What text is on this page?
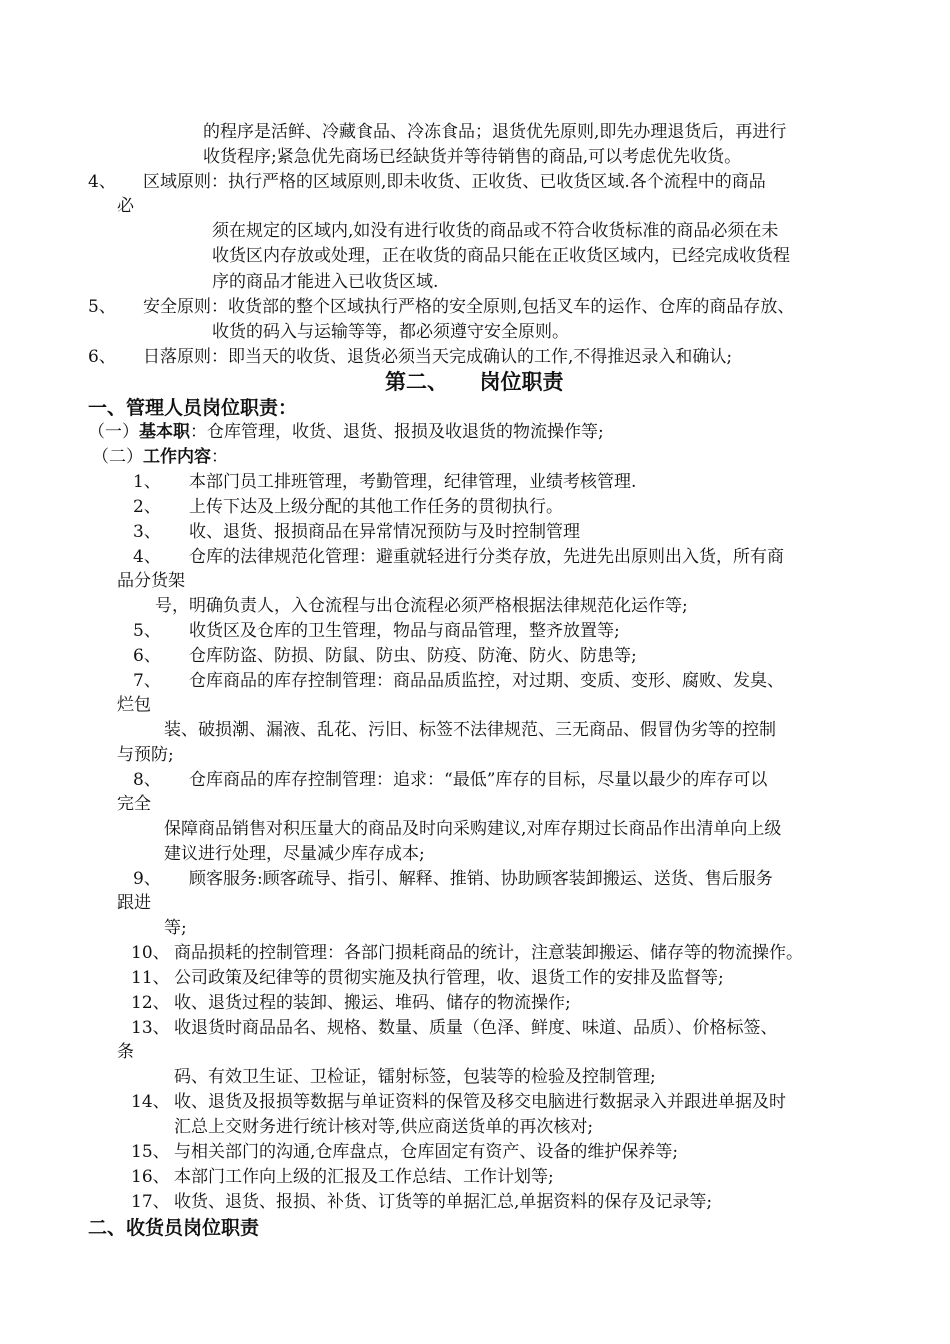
的程序是活鲜、冷藏食品、冷冻食品；退货优先原则,即先办理退货后，再进行
收货程序;紧急优先商场已经缺货并等待销售的商品,可以考虑优先收货。
4、 区域原则：执行严格的区域原则,即未收货、正收货、已收货区域.各个流程中的商品
必
须在规定的区域内,如没有进行收货的商品或不符合收货标准的商品必须在未
收货区内存放或处理，正在收货的商品只能在正收货区域内，已经完成收货程
序的商品才能进入已收货区域.
5、 安全原则：收货部的整个区域执行严格的安全原则,包括叉车的运作、仓库的商品存放、
收货的码入与运输等等，都必须遵守安全原则。
6、 日落原则：即当天的收货、退货必须当天完成确认的工作,不得推迟录入和确认;
第二、　　岗位职责
一、管理人员岗位职责：
（一）基本职：仓库管理，收货、退货、报损及收退货的物流操作等;
（二）工作内容：
1、 本部门员工排班管理，考勤管理，纪律管理，业绩考核管理.
2、 上传下达及上级分配的其他工作任务的贯彻执行。
3、 收、退货、报损商品在异常情况预防与及时控制管理
4、 仓库的法律规范化管理：避重就轻进行分类存放，先进先出原则出入货，所有商
品分货架
号，明确负责人，入仓流程与出仓流程必须严格根据法律规范化运作等;
5、 收货区及仓库的卫生管理，物品与商品管理，整齐放置等;
6、 仓库防盗、防损、防鼠、防虫、防疫、防淹、防火、防患等;
7、 仓库商品的库存控制管理：商品品质监控，对过期、变质、变形、腐败、发臭、
烂包
装、破损潮、漏液、乱花、污旧、标签不法律规范、三无商品、假冒伪劣等的控制
与预防;
8、 仓库商品的库存控制管理：追求：“最低”库存的目标，尽量以最少的库存可以
完全
保障商品销售对积压量大的商品及时向采购建议,对库存期过长商品作出清单向上级
建议进行处理，尽量减少库存成本;
9、 顾客服务:顾客疏导、指引、解释、推销、协助顾客装卸搬运、送货、售后服务
跟进
等;
10、 商品损耗的控制管理：各部门损耗商品的统计，注意装卸搬运、储存等的物流操作。
11、 公司政策及纪律等的贯彻实施及执行管理，收、退货工作的安排及监督等;
12、 收、退货过程的装卸、搬运、堆码、储存的物流操作;
13、 收退货时商品品名、规格、数量、质量（色泽、鲜度、味道、品质）、价格标签、
条
码、有效卫生证、卫检证，镭射标签，包装等的检验及控制管理;
14、 收、退货及报损等数据与单证资料的保管及移交电脑进行数据录入并跟进单据及时
汇总上交财务进行统计核对等,供应商送货单的再次核对;
15、 与相关部门的沟通,仓库盘点，仓库固定有资产、设备的维护保养等;
16、 本部门工作向上级的汇报及工作总结、工作计划等;
17、 收货、退货、报损、补货、订货等的单据汇总,单据资料的保存及记录等;
二、收货员岗位职责
